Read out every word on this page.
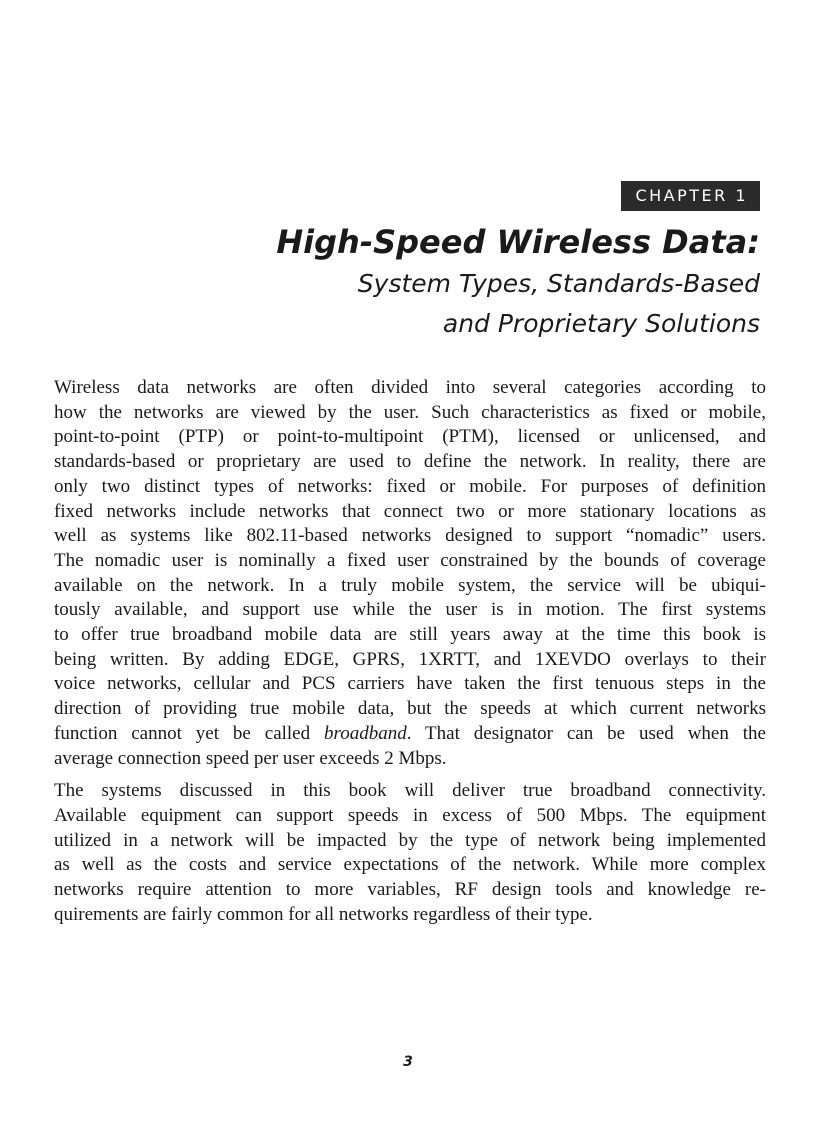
CHAPTER 1
High-Speed Wireless Data:
System Types, Standards-Based
and Proprietary Solutions

Wireless data networks are often divided into several categories according to
how the networks are viewed by the user. Such characteristics as fixed or mobile,
point-to-point (PTP) or point-to-multipoint (PTM), licensed or unlicensed, and
standards-based or proprietary are used to define the network. In reality, there are
only two distinct types of networks: fixed or mobile. For purposes of definition
fixed networks include networks that connect two or more stationary locations as
well as systems like 802.11-based networks designed to support “nomadic” users.
The nomadic user is nominally a fixed user constrained by the bounds of coverage
available on the network. In a truly mobile system, the service will be ubiqui-
tously available, and support use while the user is in motion. The first systems
to offer true broadband mobile data are still years away at the time this book is
being written. By adding EDGE, GPRS, 1XRTT, and 1XEVDO overlays to their
voice networks, cellular and PCS carriers have taken the first tenuous steps in the
direction of providing true mobile data, but the speeds at which current networks
function cannot yet be called broadband. That designator can be used when the
average connection speed per user exceeds 2 Mbps.

The systems discussed in this book will deliver true broadband connectivity.
Available equipment can support speeds in excess of 500 Mbps. The equipment
utilized in a network will be impacted by the type of network being implemented
as well as the costs and service expectations of the network. While more complex
networks require attention to more variables, RF design tools and knowledge re-
quirements are fairly common for all networks regardless of their type.

3
